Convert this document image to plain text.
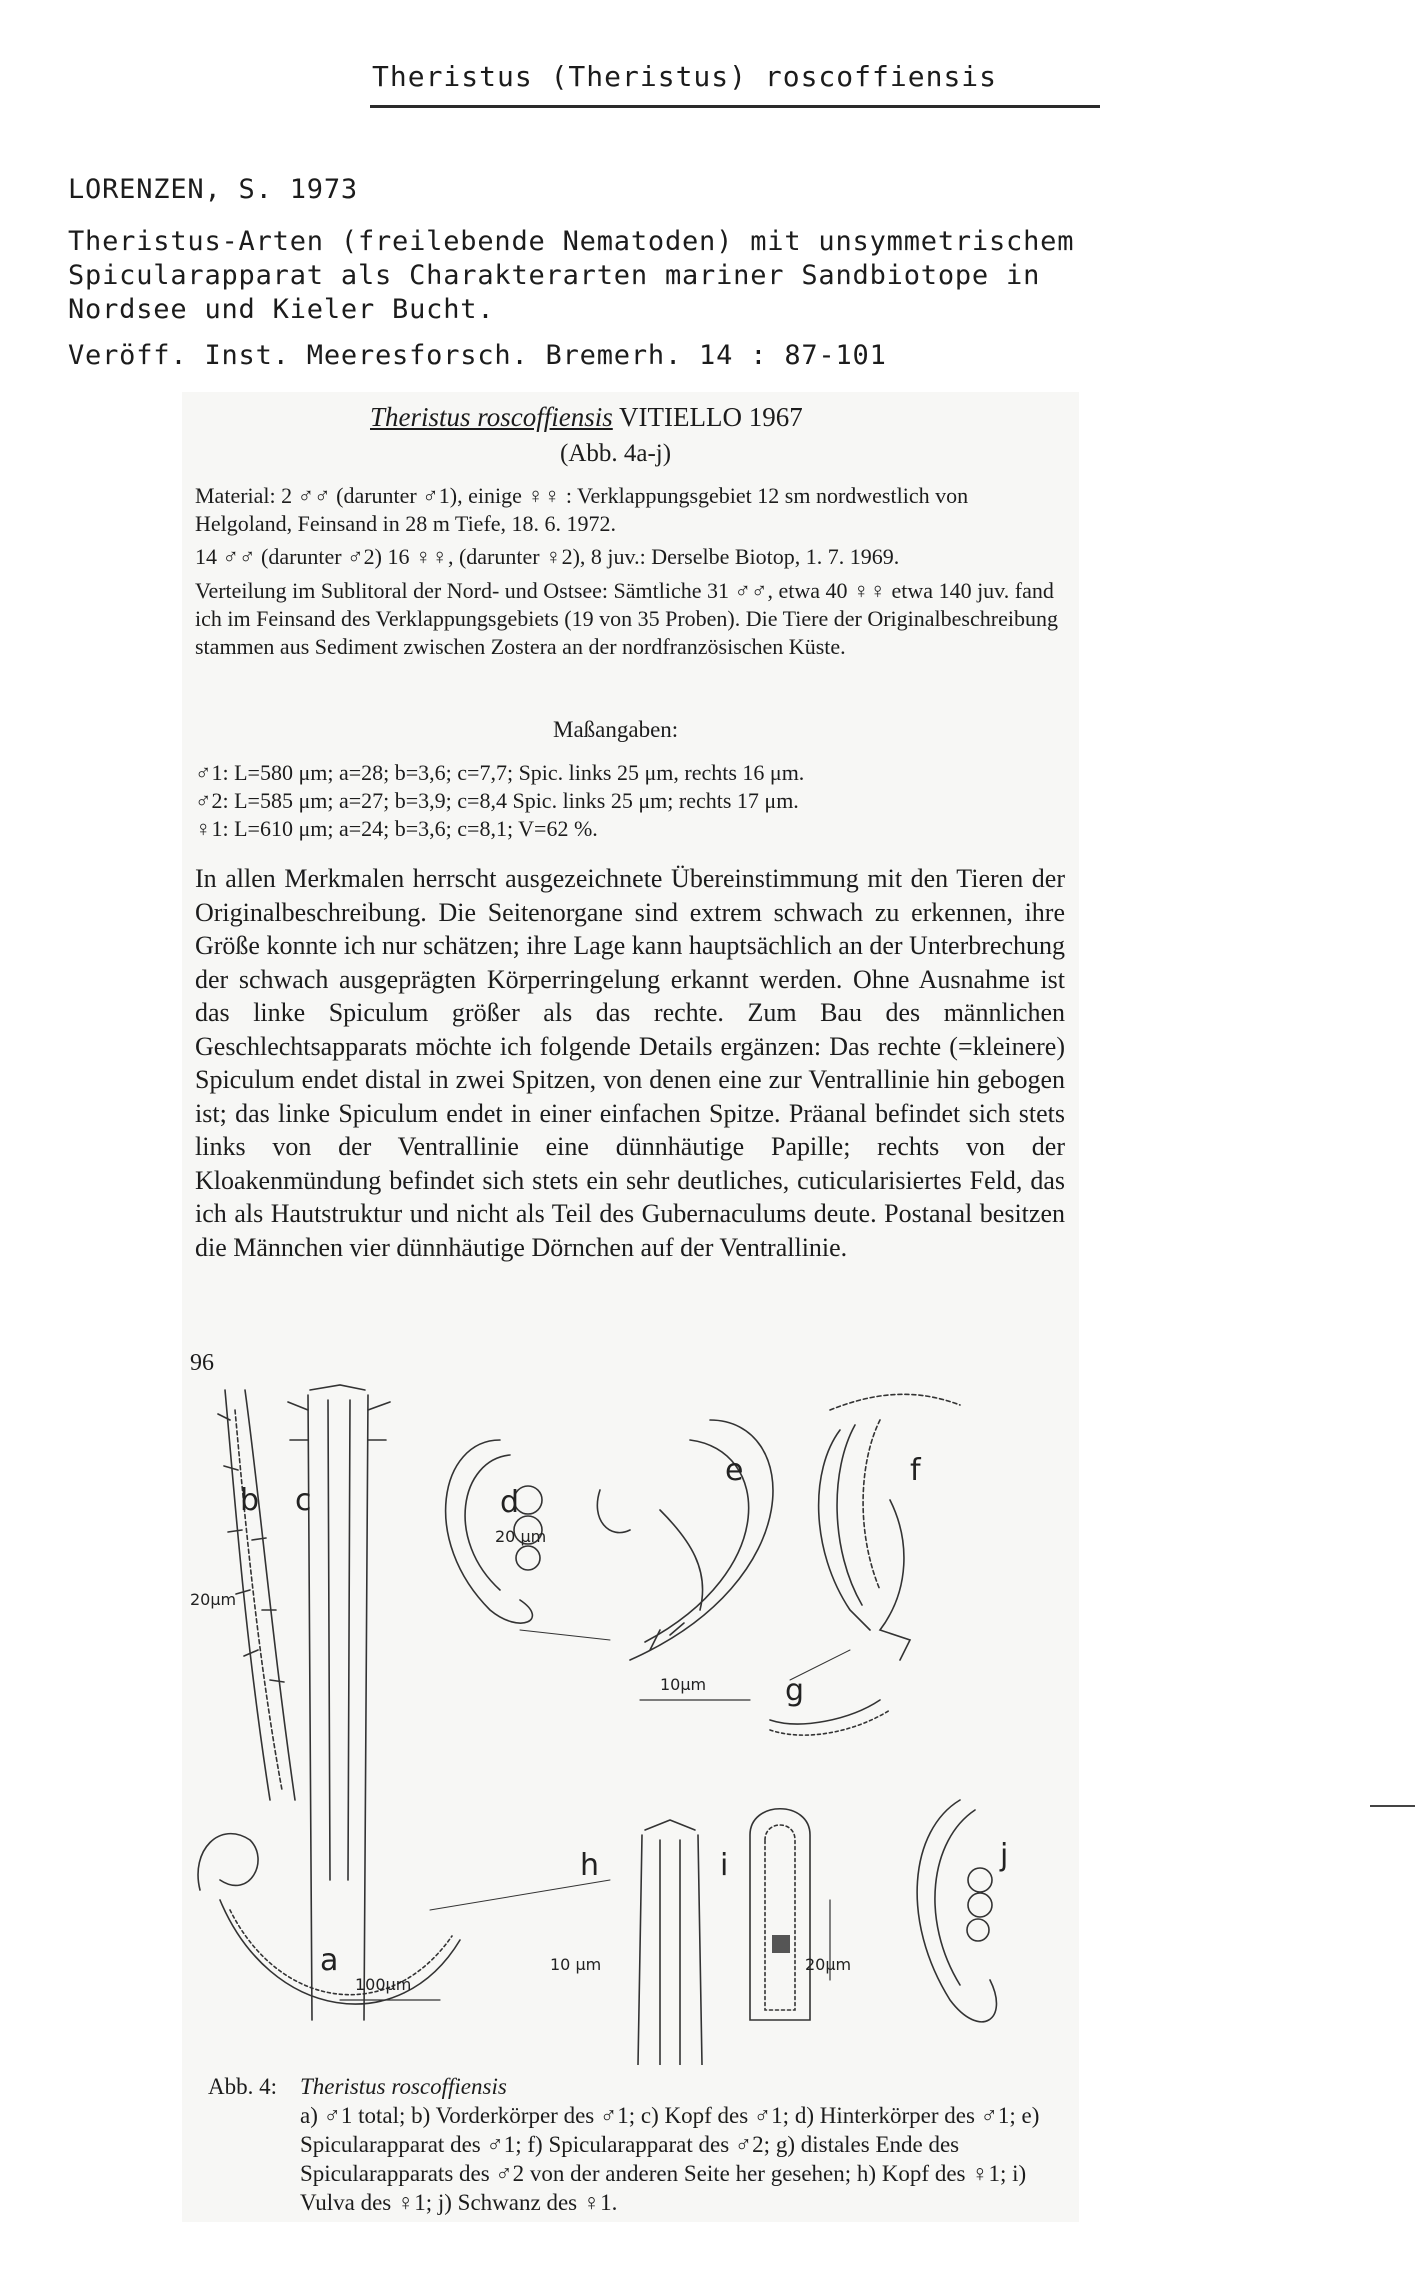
Theristus (Theristus) roscoffiensis
LORENZEN, S. 1973
Theristus-Arten (freilebende Nematoden) mit unsymmetrischem
Spicularapparat als Charakterarten mariner Sandbiotope in
Nordsee und Kieler Bucht.
Veröff. Inst. Meeresforsch. Bremerh. 14 : 87-101
Theristus roscoffiensis VITIELLO 1967
(Abb. 4a-j)
Material: 2 ♂♂ (darunter ♂1), einige ♀♀ : Verklappungsgebiet 12 sm nordwestlich von Helgoland, Feinsand in 28 m Tiefe, 18. 6. 1972.
14 ♂♂ (darunter ♂2) 16 ♀♀, (darunter ♀2), 8 juv.: Derselbe Biotop, 1. 7. 1969.
Verteilung im Sublitoral der Nord- und Ostsee: Sämtliche 31 ♂♂, etwa 40 ♀♀ etwa 140 juv. fand ich im Feinsand des Verklappungsgebiets (19 von 35 Proben). Die Tiere der Originalbeschreibung stammen aus Sediment zwischen Zostera an der nordfranzösischen Küste.
Maßangaben:
♂1: L=580 μm; a=28; b=3,6; c=7,7; Spic. links 25 μm, rechts 16 μm.
♂2: L=585 μm; a=27; b=3,9; c=8,4 Spic. links 25 μm; rechts 17 μm.
♀1: L=610 μm; a=24; b=3,6; c=8,1; V=62 %.
In allen Merkmalen herrscht ausgezeichnete Übereinstimmung mit den Tieren der Originalbeschreibung. Die Seitenorgane sind extrem schwach zu erkennen, ihre Größe konnte ich nur schätzen; ihre Lage kann hauptsächlich an der Unterbrechung der schwach ausgeprägten Körperringelung erkannt werden. Ohne Ausnahme ist das linke Spiculum größer als das rechte. Zum Bau des männlichen Geschlechtsapparats möchte ich folgende Details ergänzen: Das rechte (=kleinere) Spiculum endet distal in zwei Spitzen, von denen eine zur Ventrallinie hin gebogen ist; das linke Spiculum endet in einer einfachen Spitze. Präanal befindet sich stets links von der Ventrallinie eine dünnhäutige Papille; rechts von der Kloakenmündung befindet sich stets ein sehr deutliches, cuticularisiertes Feld, das ich als Hautstruktur und nicht als Teil des Gubernaculums deute. Postanal besitzen die Männchen vier dünnhäutige Dörnchen auf der Ventrallinie.
96
b c
20μm
d
20 μm
e
10μm
f
g
h
10 μm
i
20μm
j
a
100μm
Abb. 4: Theristus roscoffiensis
a) ♂1 total; b) Vorderkörper des ♂1; c) Kopf des ♂1; d) Hinterkörper des ♂1; e) Spicularapparat des ♂1; f) Spicularapparat des ♂2; g) distales Ende des Spicularapparats des ♂2 von der anderen Seite her gesehen; h) Kopf des ♀1; i) Vulva des ♀1; j) Schwanz des ♀1.
